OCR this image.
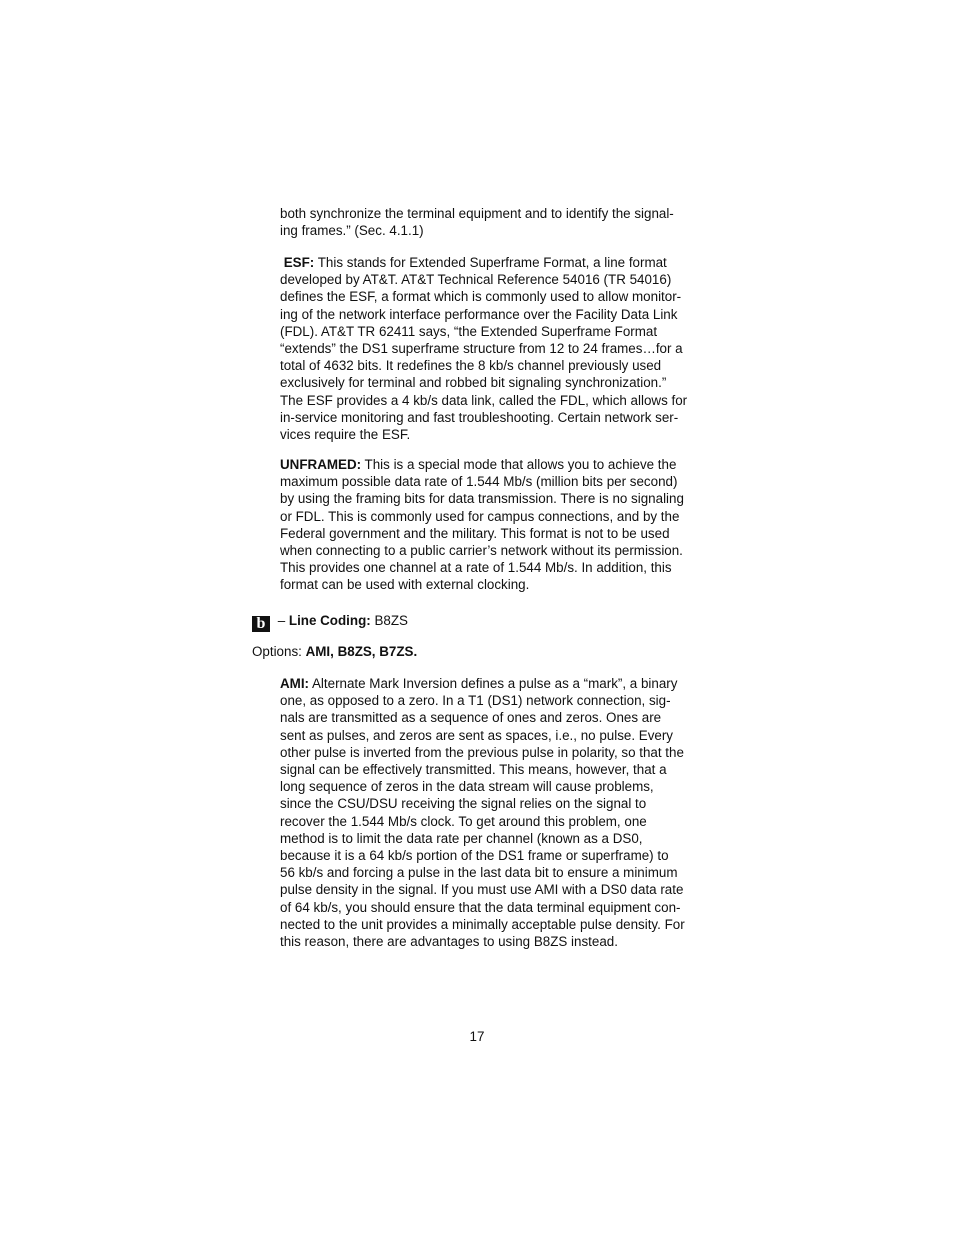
both synchronize the terminal equipment and to identify the signal-
ing frames.” (Sec. 4.1.1)
ESF: This stands for Extended Superframe Format, a line format
developed by AT&T. AT&T Technical Reference 54016 (TR 54016)
defines the ESF, a format which is commonly used to allow monitor-
ing of the network interface performance over the Facility Data Link
(FDL). AT&T TR 62411 says, “the Extended Superframe Format
“extends” the DS1 superframe structure from 12 to 24 frames…for a
total of 4632 bits. It redefines the 8 kb/s channel previously used
exclusively for terminal and robbed bit signaling synchronization.”
The ESF provides a 4 kb/s data link, called the FDL, which allows for
in-service monitoring and fast troubleshooting. Certain network ser-
vices require the ESF.
UNFRAMED: This is a special mode that allows you to achieve the
maximum possible data rate of 1.544 Mb/s (million bits per second)
by using the framing bits for data transmission. There is no signaling
or FDL. This is commonly used for campus connections, and by the
Federal government and the military. This format is not to be used
when connecting to a public carrier’s network without its permission.
This provides one channel at a rate of 1.544 Mb/s. In addition, this
format can be used with external clocking.
b – Line Coding: B8ZS
Options: AMI, B8ZS, B7ZS.
AMI: Alternate Mark Inversion defines a pulse as a “mark”, a binary
one, as opposed to a zero. In a T1 (DS1) network connection, sig-
nals are transmitted as a sequence of ones and zeros. Ones are
sent as pulses, and zeros are sent as spaces, i.e., no pulse. Every
other pulse is inverted from the previous pulse in polarity, so that the
signal can be effectively transmitted. This means, however, that a
long sequence of zeros in the data stream will cause problems,
since the CSU/DSU receiving the signal relies on the signal to
recover the 1.544 Mb/s clock. To get around this problem, one
method is to limit the data rate per channel (known as a DS0,
because it is a 64 kb/s portion of the DS1 frame or superframe) to
56 kb/s and forcing a pulse in the last data bit to ensure a minimum
pulse density in the signal. If you must use AMI with a DS0 data rate
of 64 kb/s, you should ensure that the data terminal equipment con-
nected to the unit provides a minimally acceptable pulse density. For
this reason, there are advantages to using B8ZS instead.
17
